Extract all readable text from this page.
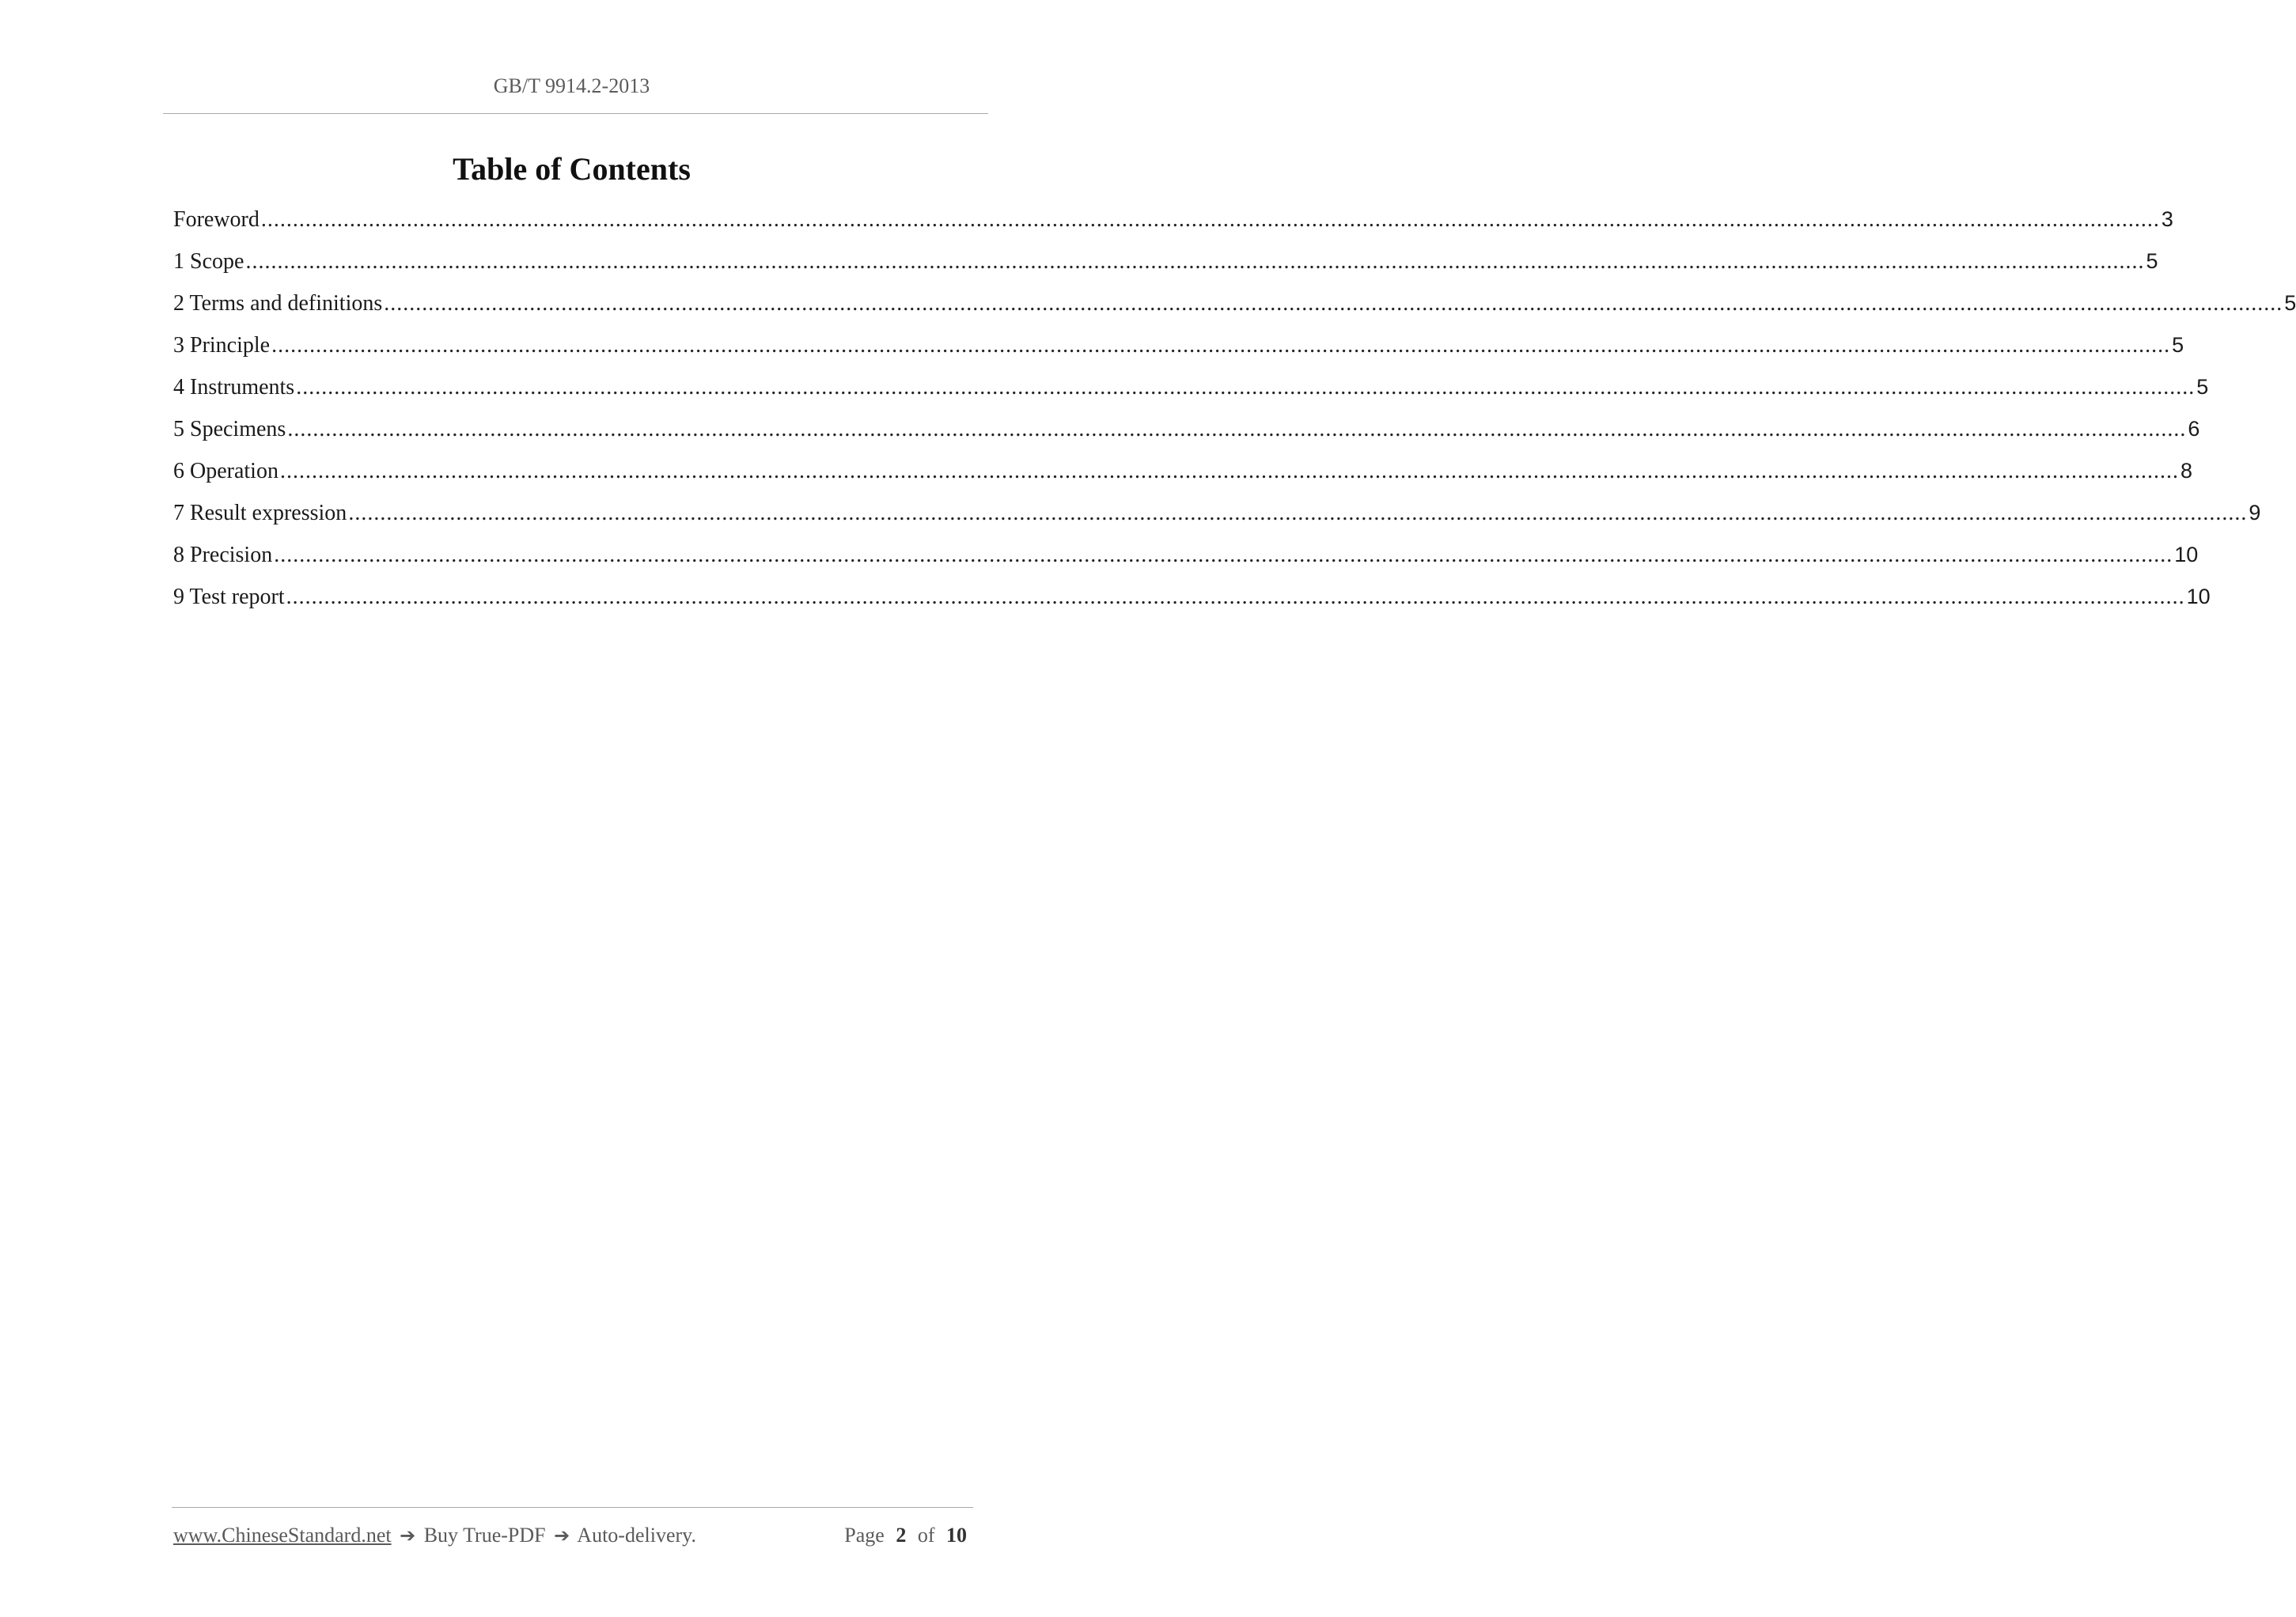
GB/T 9914.2-2013
Table of Contents
Foreword ............................................................................................................................................................................................................................................................................................................ 3
1 Scope ............................................................................................................................................................................................................................................................................................................ 5
2 Terms and definitions ............................................................................................................................................................................................................................................................................................................ 5
3 Principle ............................................................................................................................................................................................................................................................................................................ 5
4 Instruments ............................................................................................................................................................................................................................................................................................................ 5
5 Specimens ............................................................................................................................................................................................................................................................................................................ 6
6 Operation ............................................................................................................................................................................................................................................................................................................ 8
7 Result expression ............................................................................................................................................................................................................................................................................................................ 9
8 Precision ............................................................................................................................................................................................................................................................................................................ 10
9 Test report ............................................................................................................................................................................................................................................................................................................ 10
www.ChineseStandard.net ➔ Buy True-PDF ➔ Auto-delivery.	Page 2 of 10
